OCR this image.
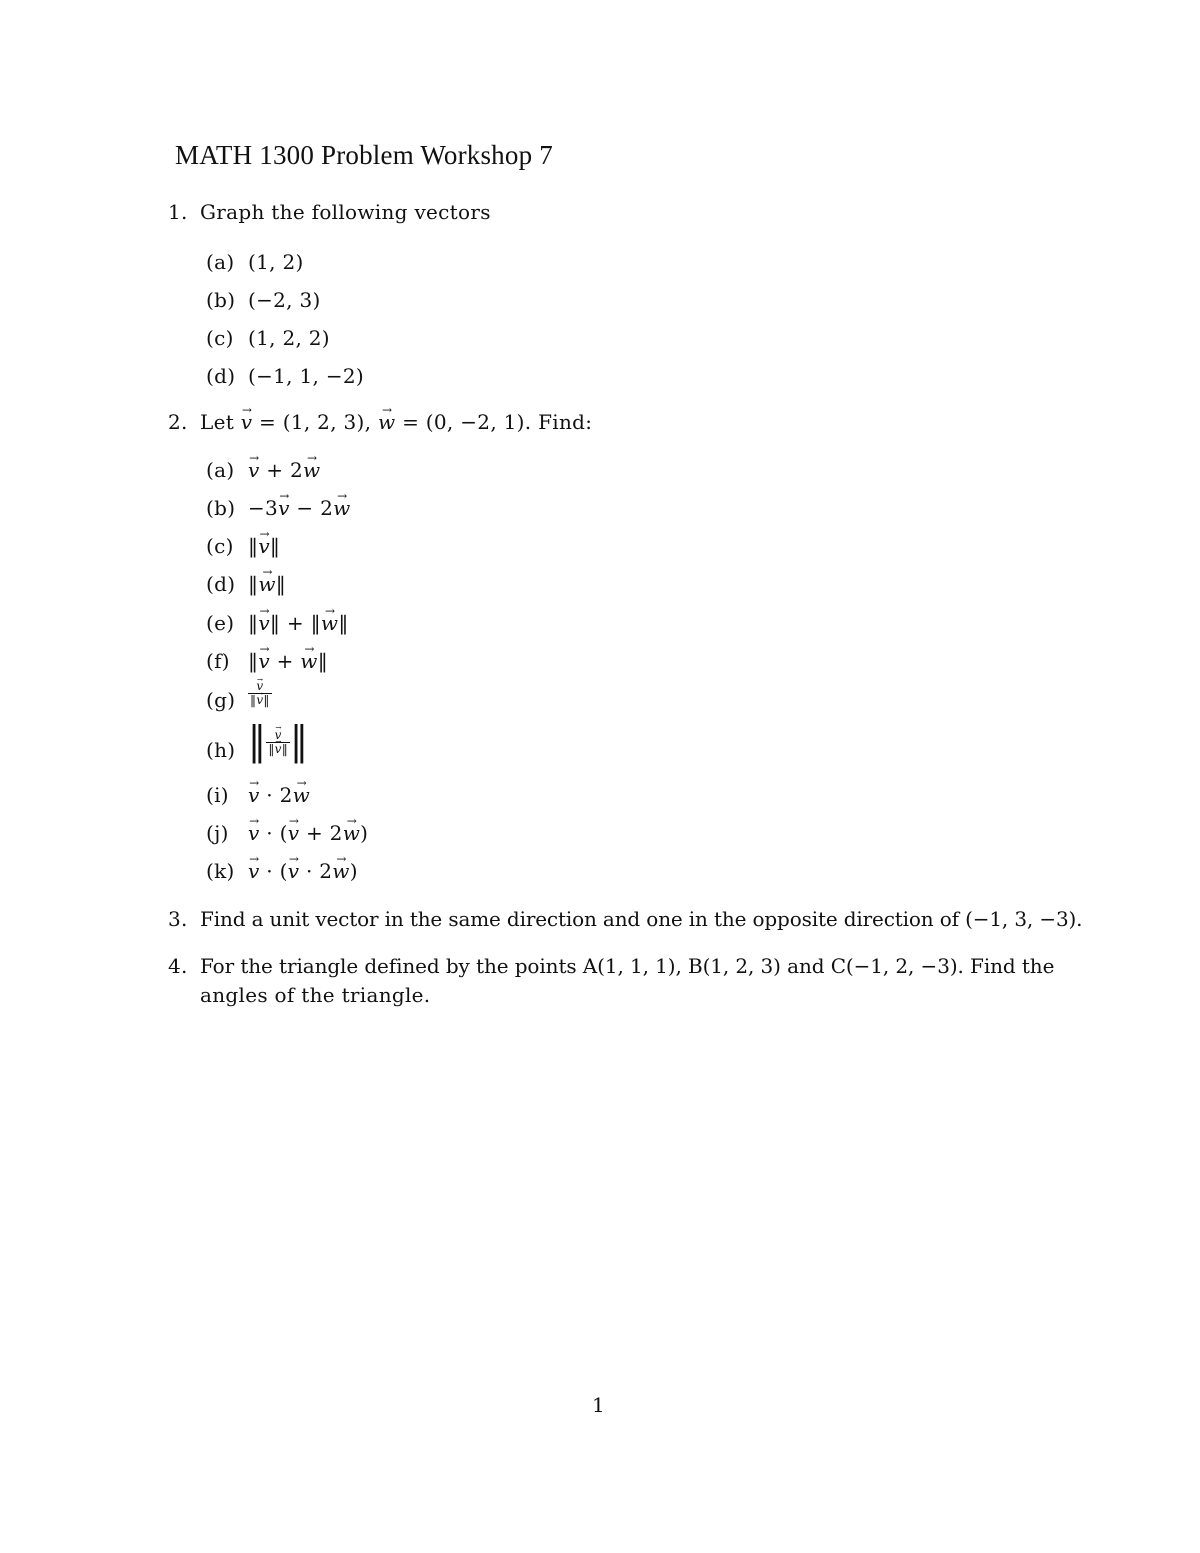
MATH 1300 Problem Workshop 7
1. Graph the following vectors
(a) (1, 2)
(b) (−2, 3)
(c) (1, 2, 2)
(d) (−1, 1, −2)
2. Let → v = (1, 2, 3), → w = (0, −2, 1). Find:
(a)
→ v + 2→ w
(b) −3→ v − 2→ w
(c) ‖→ v‖
(d) ‖→ w‖
(e) ‖→ v‖ + ‖→ w‖
(f) ‖→ v + → w‖
(g)
→ $\frac{v}{‖\to v‖}$
(h) ‖
→ $\frac{v}{‖\to v‖}$ ‖
(i)
→ v · 2→ w
(j)
→ v · (→ v + 2→ w)
(k)
→ v · (→ v · 2→ w)
3. Find a unit vector in the same direction and one in the opposite direction of (−1, 3, −3).
4. For the triangle defined by the points A(1, 1, 1), B(1, 2, 3) and C(−1, 2, −3). Find the
angles of the triangle.
1
